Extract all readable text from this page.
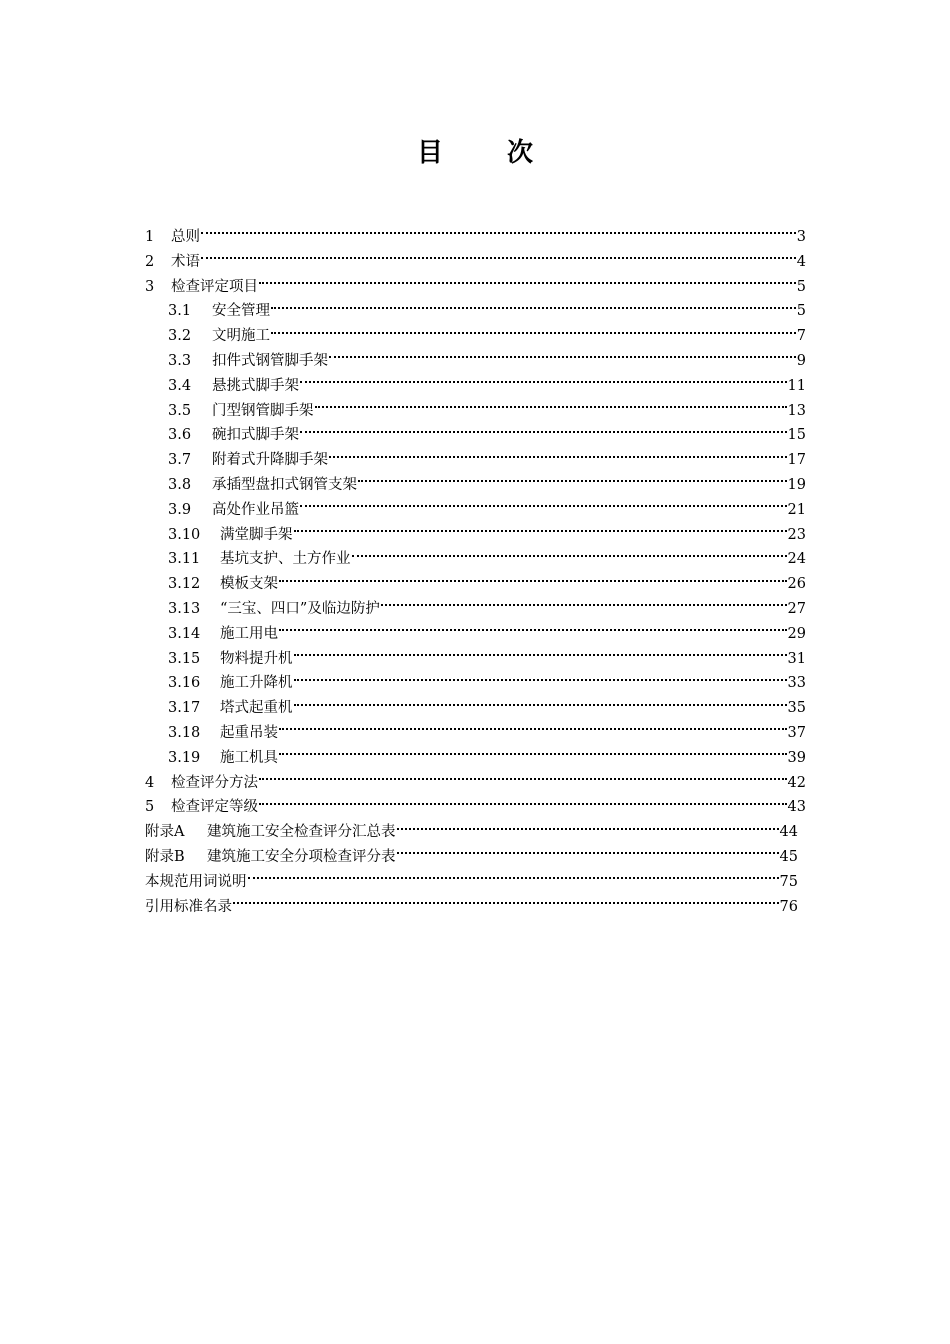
目 次
1	总则	3
2	术语	4
3	检查评定项目	5
3.1	安全管理	5
3.2	文明施工	7
3.3	扣件式钢管脚手架	9
3.4	悬挑式脚手架	11
3.5	门型钢管脚手架	13
3.6	碗扣式脚手架	15
3.7	附着式升降脚手架	17
3.8	承插型盘扣式钢管支架	19
3.9	高处作业吊篮	21
3.10	满堂脚手架	23
3.11	基坑支护、土方作业	24
3.12	模板支架	26
3.13	“三宝、四口”及临边防护	27
3.14	施工用电	29
3.15	物料提升机	31
3.16	施工升降机	33
3.17	塔式起重机	35
3.18	起重吊装	37
3.19	施工机具	39
4	检查评分方法	42
5	检查评定等级	43
附录A	建筑施工安全检查评分汇总表	44
附录B	建筑施工安全分项检查评分表	45
本规范用词说明	75
引用标准名录	76
